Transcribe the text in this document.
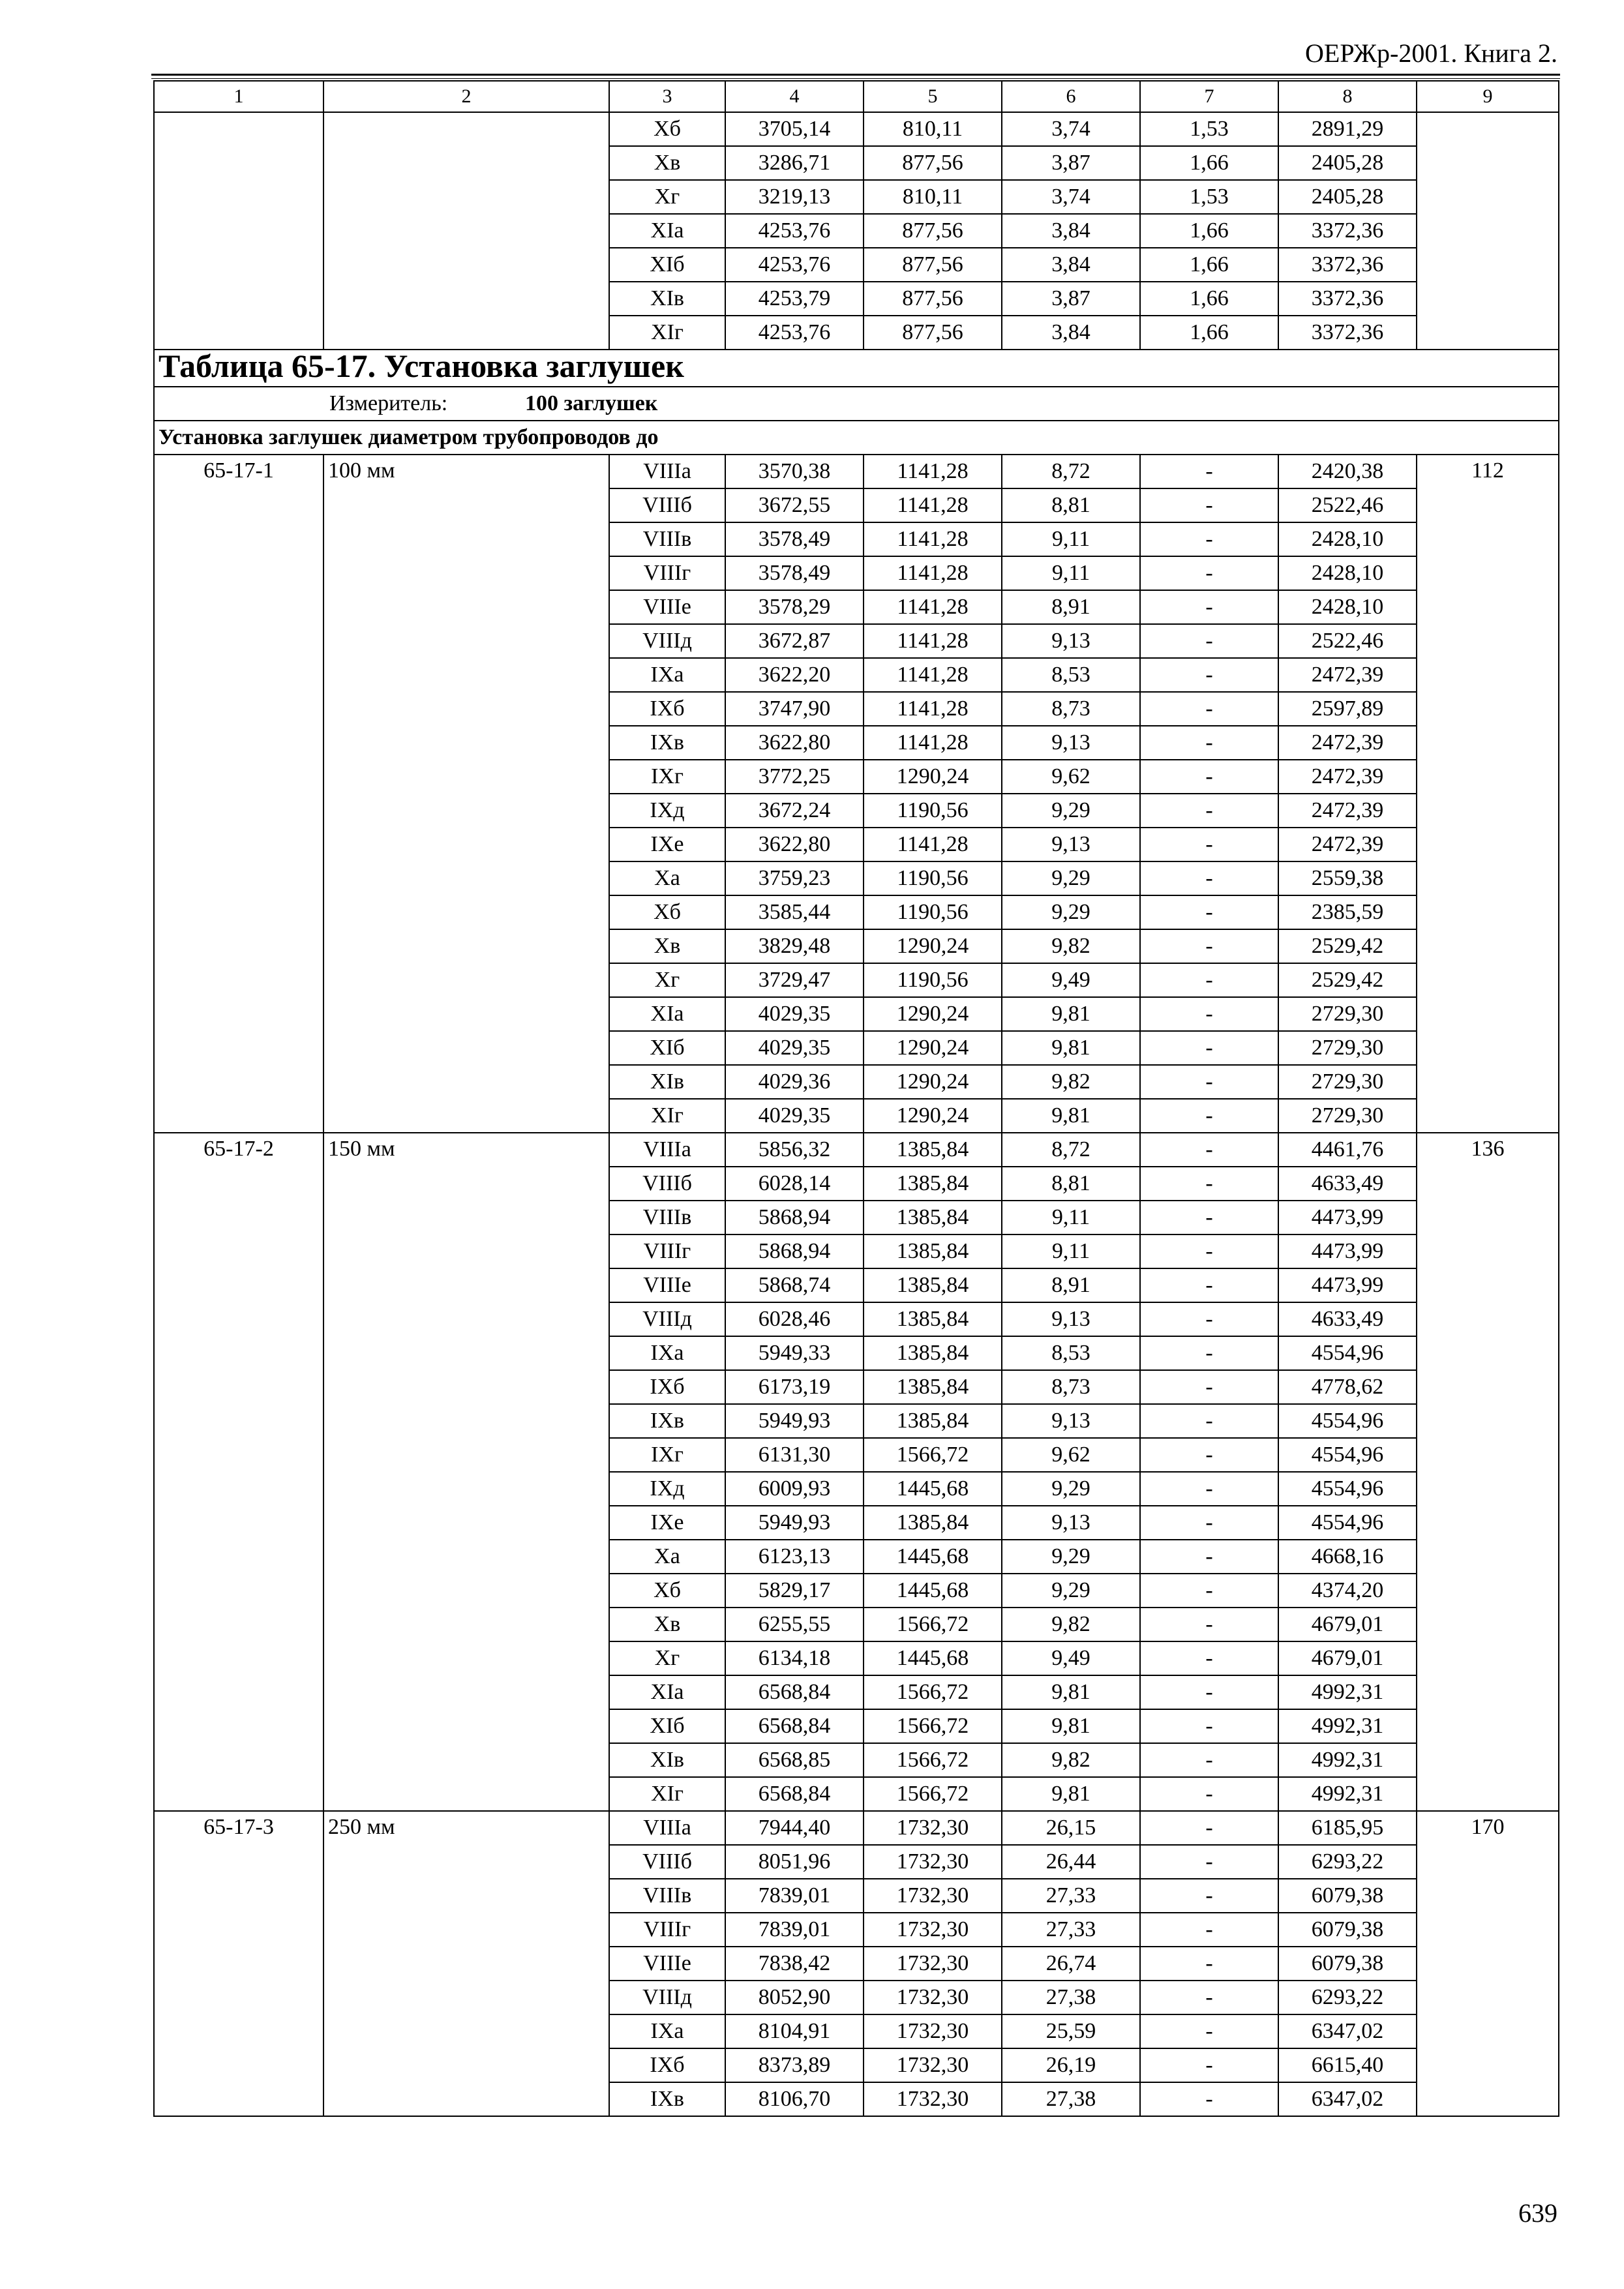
ОЕРЖр-2001. Книга 2.
1	2	3	4	5	6	7	8	9
		Хб	3705,14	810,11	3,74	1,53	2891,29	
		Хв	3286,71	877,56	3,87	1,66	2405,28	
		Хг	3219,13	810,11	3,74	1,53	2405,28	
		ХIа	4253,76	877,56	3,84	1,66	3372,36	
		ХIб	4253,76	877,56	3,84	1,66	3372,36	
		ХIв	4253,79	877,56	3,87	1,66	3372,36	
		ХIг	4253,76	877,56	3,84	1,66	3372,36	
Таблица 65-17. Установка заглушек								
Измеритель: 100 заглушек								
Установка заглушек диаметром трубопроводов до								
65-17-1	100 мм	VIIIа	3570,38	1141,28	8,72	-	2420,38	112
		VIIIб	3672,55	1141,28	8,81	-	2522,46	
		VIIIв	3578,49	1141,28	9,11	-	2428,10	
		VIIIг	3578,49	1141,28	9,11	-	2428,10	
		VIIIе	3578,29	1141,28	8,91	-	2428,10	
		VIIIд	3672,87	1141,28	9,13	-	2522,46	
		IХа	3622,20	1141,28	8,53	-	2472,39	
		IХб	3747,90	1141,28	8,73	-	2597,89	
		IХв	3622,80	1141,28	9,13	-	2472,39	
		IХг	3772,25	1290,24	9,62	-	2472,39	
		IХд	3672,24	1190,56	9,29	-	2472,39	
		IХе	3622,80	1141,28	9,13	-	2472,39	
		Ха	3759,23	1190,56	9,29	-	2559,38	
		Хб	3585,44	1190,56	9,29	-	2385,59	
		Хв	3829,48	1290,24	9,82	-	2529,42	
		Хг	3729,47	1190,56	9,49	-	2529,42	
		ХIа	4029,35	1290,24	9,81	-	2729,30	
		ХIб	4029,35	1290,24	9,81	-	2729,30	
		ХIв	4029,36	1290,24	9,82	-	2729,30	
		ХIг	4029,35	1290,24	9,81	-	2729,30	
65-17-2	150 мм	VIIIа	5856,32	1385,84	8,72	-	4461,76	136
		VIIIб	6028,14	1385,84	8,81	-	4633,49	
		VIIIв	5868,94	1385,84	9,11	-	4473,99	
		VIIIг	5868,94	1385,84	9,11	-	4473,99	
		VIIIе	5868,74	1385,84	8,91	-	4473,99	
		VIIIд	6028,46	1385,84	9,13	-	4633,49	
		IХа	5949,33	1385,84	8,53	-	4554,96	
		IХб	6173,19	1385,84	8,73	-	4778,62	
		IХв	5949,93	1385,84	9,13	-	4554,96	
		IХг	6131,30	1566,72	9,62	-	4554,96	
		IХд	6009,93	1445,68	9,29	-	4554,96	
		IХе	5949,93	1385,84	9,13	-	4554,96	
		Ха	6123,13	1445,68	9,29	-	4668,16	
		Хб	5829,17	1445,68	9,29	-	4374,20	
		Хв	6255,55	1566,72	9,82	-	4679,01	
		Хг	6134,18	1445,68	9,49	-	4679,01	
		ХIа	6568,84	1566,72	9,81	-	4992,31	
		ХIб	6568,84	1566,72	9,81	-	4992,31	
		ХIв	6568,85	1566,72	9,82	-	4992,31	
		ХIг	6568,84	1566,72	9,81	-	4992,31	
65-17-3	250 мм	VIIIа	7944,40	1732,30	26,15	-	6185,95	170
		VIIIб	8051,96	1732,30	26,44	-	6293,22	
		VIIIв	7839,01	1732,30	27,33	-	6079,38	
		VIIIг	7839,01	1732,30	27,33	-	6079,38	
		VIIIе	7838,42	1732,30	26,74	-	6079,38	
		VIIIд	8052,90	1732,30	27,38	-	6293,22	
		IХа	8104,91	1732,30	25,59	-	6347,02	
		IХб	8373,89	1732,30	26,19	-	6615,40	
		IХв	8106,70	1732,30	27,38	-	6347,02	
639
